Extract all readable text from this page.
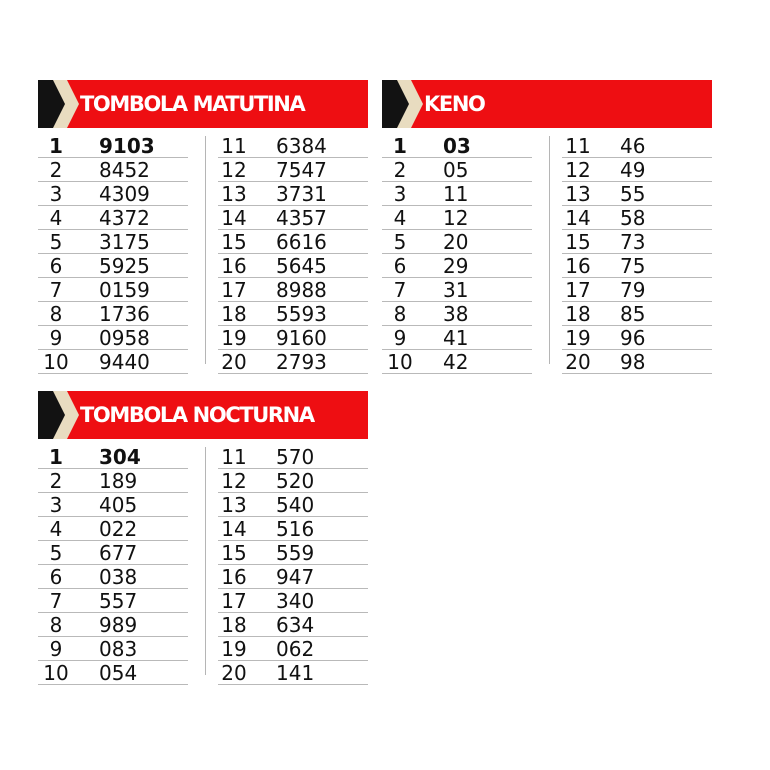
TOMBOLA MATUTINA
1	9103
2	8452
3	4309
4	4372
5	3175
6	5925
7	0159
8	1736
9	0958
10 9440
11 6384
12 7547
13 3731
14 4357
15 6616
16 5645
17 8988
18 5593
19 9160
20 2793
KENO
1	03
2	05
3	11
4	12
5	20
6	29
7	31
8	38
9	41
10 42
11 46
12 49
13 55
14 58
15 73
16 75
17 79
18 85
19 96
20 98
TOMBOLA NOCTURNA
1	304
2	189
3	405
4	022
5	677
6	038
7	557
8	989
9	083
10 054
11 570
12 520
13 540
14 516
15 559
16 947
17 340
18 634
19 062
20 141
